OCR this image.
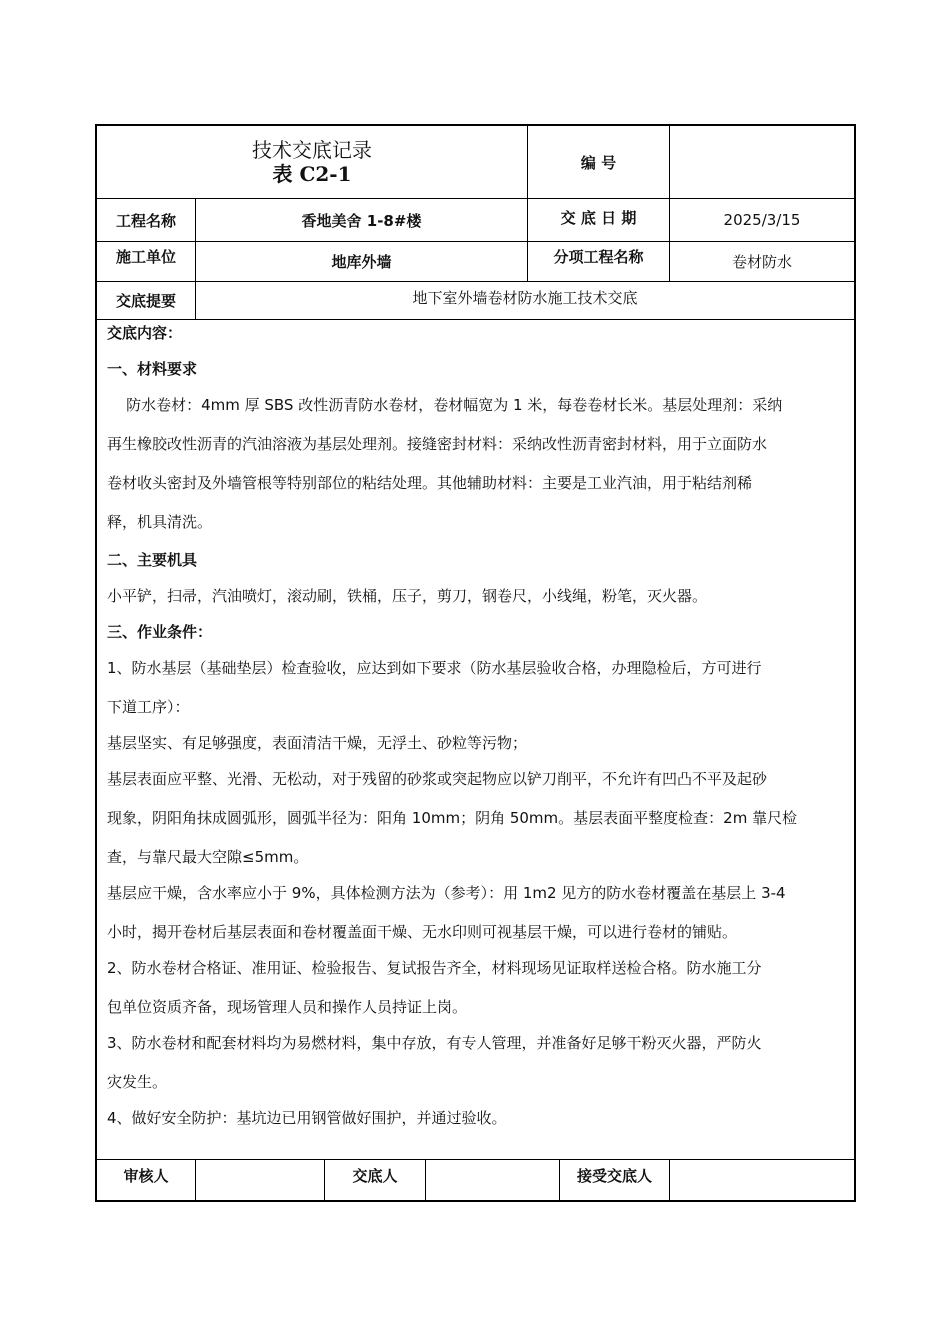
技术交底记录
表 C2-1	编 号
工程名称	香地美舍 1-8#楼	交 底 日 期	2025/3/15
施工单位	地库外墙	分项工程名称	卷材防水
交底提要	地下室外墙卷材防水施工技术交底
交底内容：
一、材料要求
防水卷材：4mm 厚 SBS 改性沥青防水卷材，卷材幅宽为 1 米，每卷卷材长米。基层处理剂：采纳
再生橡胶改性沥青的汽油溶液为基层处理剂。接缝密封材料：采纳改性沥青密封材料，用于立面防水
卷材收头密封及外墙管根等特别部位的粘结处理。其他辅助材料：主要是工业汽油，用于粘结剂稀
释，机具清洗。
二、主要机具
小平铲，扫帚，汽油喷灯，滚动刷，铁桶，压子，剪刀，钢卷尺，小线绳，粉笔，灭火器。
三、作业条件：
1、防水基层（基础垫层）检查验收，应达到如下要求（防水基层验收合格，办理隐检后，方可进行
下道工序）：
基层坚实、有足够强度，表面清洁干燥，无浮土、砂粒等污物；
基层表面应平整、光滑、无松动，对于残留的砂浆或突起物应以铲刀削平，不允许有凹凸不平及起砂
现象，阴阳角抹成圆弧形，圆弧半径为：阳角 10mm；阴角 50mm。基层表面平整度检查：2m 靠尺检
查，与靠尺最大空隙≤5mm。
基层应干燥，含水率应小于 9%，具体检测方法为（参考）：用 1m2 见方的防水卷材覆盖在基层上 3-4
小时，揭开卷材后基层表面和卷材覆盖面干燥、无水印则可视基层干燥，可以进行卷材的铺贴。
2、防水卷材合格证、准用证、检验报告、复试报告齐全，材料现场见证取样送检合格。防水施工分
包单位资质齐备，现场管理人员和操作人员持证上岗。
3、防水卷材和配套材料均为易燃材料，集中存放，有专人管理，并准备好足够干粉灭火器，严防火
灾发生。
4、做好安全防护：基坑边已用钢管做好围护，并通过验收。
审核人	交底人	接受交底人
